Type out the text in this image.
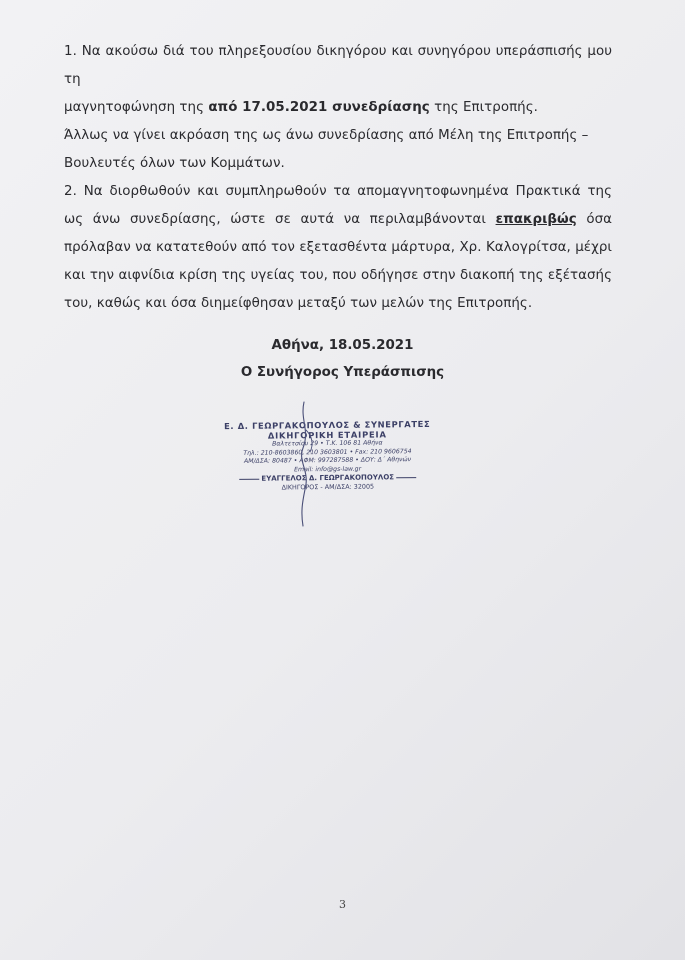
1. Να ακούσω διά του πληρεξουσίου δικηγόρου και συνηγόρου υπεράσπισής μου τη
μαγνητοφώνηση της από 17.05.2021 συνεδρίασης της Επιτροπής.
Άλλως να γίνει ακρόαση της ως άνω συνεδρίασης από Μέλη της Επιτροπής –
Βουλευτές όλων των Κομμάτων.

2. Να διορθωθούν και συμπληρωθούν τα απομαγνητοφωνημένα Πρακτικά της ως άνω συνεδρίασης, ώστε σε αυτά να περιλαμβάνονται επακριβώς όσα πρόλαβαν να κατατεθούν από τον εξετασθέντα μάρτυρα, Χρ. Καλογρίτσα, μέχρι και την αιφνίδια κρίση της υγείας του, που οδήγησε στην διακοπή της εξέτασής του, καθώς και όσα διημείφθησαν μεταξύ των μελών της Επιτροπής.

Αθήνα, 18.05.2021
Ο Συνήγορος Υπεράσπισης
Ε. Δ. ΓΕΩΡΓΑΚΟΠΟΥΛΟΣ & ΣΥΝΕΡΓΑΤΕΣ
ΔΙΚΗΓΟΡΙΚΗ ΕΤΑΙΡΕΙΑ
Βαλτετσίου 29 • Τ.Κ. 106 81 Αθήνα
Τηλ.: 210-8603860, 210 3603801 • Fax: 210 9606754
ΑΜ/ΔΣΑ: 80487 • ΑΦΜ: 997287588 • ΔΟΥ: Δ΄ Αθηνών
Email: info@gs-law.gr
ΕΥΑΓΓΕΛΟΣ Δ. ΓΕΩΡΓΑΚΟΠΟΥΛΟΣ
ΔΙΚΗΓΟΡΟΣ - ΑΜ/ΔΣΑ: 32005
3
